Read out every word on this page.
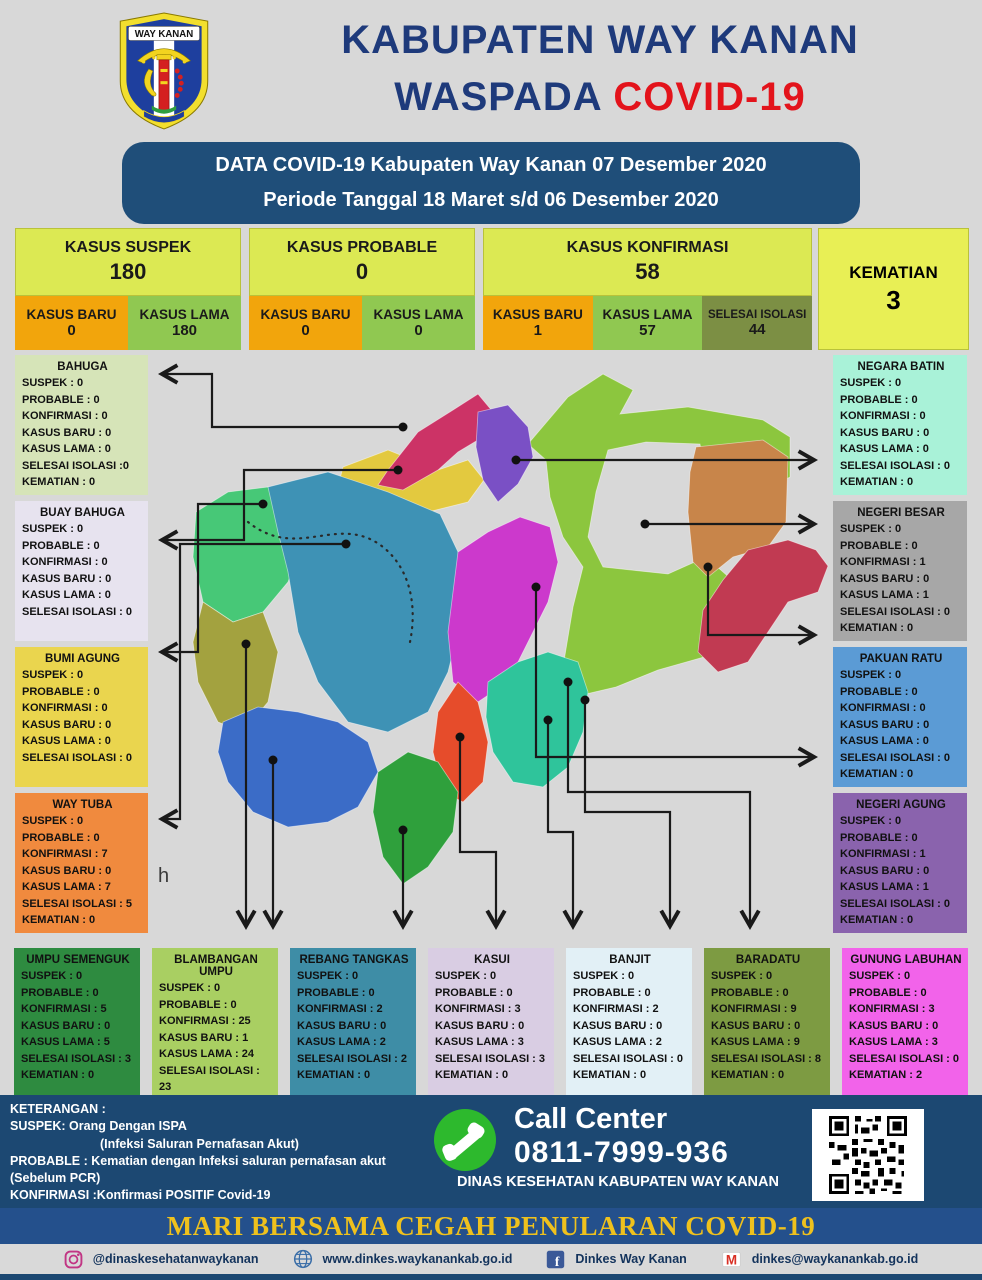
WAY KANAN	KABUPATEN WAY KANAN
WASPADA COVID-19
DATA COVID-19 Kabupaten Way Kanan 07 Desember 2020
Periode Tanggal 18 Maret s/d 06 Desember 2020
KASUS SUSPEK
180
KASUS BARU
0
KASUS LAMA
180
KASUS PROBABLE
0
KASUS BARU
0
KASUS LAMA
0
KASUS KONFIRMASI
58
KASUS BARU
1
KASUS LAMA
57
SELESAI ISOLASI
44
KEMATIAN
3
BAHUGA
SUSPEK : 0
PROBABLE : 0
KONFIRMASI : 0
KASUS BARU : 0
KASUS LAMA : 0
SELESAI ISOLASI :0
KEMATIAN : 0
BUAY BAHUGA
SUSPEK : 0
PROBABLE : 0
KONFIRMASI : 0
KASUS BARU : 0
KASUS LAMA : 0
SELESAI ISOLASI : 0
BUMI AGUNG
SUSPEK : 0
PROBABLE : 0
KONFIRMASI : 0
KASUS BARU : 0
KASUS LAMA : 0
SELESAI ISOLASI : 0
WAY TUBA
SUSPEK : 0
PROBABLE : 0
KONFIRMASI : 7
KASUS BARU : 0
KASUS LAMA : 7
SELESAI ISOLASI : 5
KEMATIAN : 0
NEGARA BATIN
SUSPEK : 0
PROBABLE : 0
KONFIRMASI : 0
KASUS BARU : 0
KASUS LAMA : 0
SELESAI ISOLASI : 0
KEMATIAN : 0
NEGERI BESAR
SUSPEK : 0
PROBABLE : 0
KONFIRMASI : 1
KASUS BARU : 0
KASUS LAMA : 1
SELESAI ISOLASI : 0
KEMATIAN : 0
PAKUAN RATU
SUSPEK : 0
PROBABLE : 0
KONFIRMASI : 0
KASUS BARU : 0
KASUS LAMA : 0
SELESAI ISOLASI : 0
KEMATIAN : 0
NEGERI AGUNG
SUSPEK : 0
PROBABLE : 0
KONFIRMASI : 1
KASUS BARU : 0
KASUS LAMA : 1
SELESAI ISOLASI : 0
KEMATIAN : 0
UMPU SEMENGUK
SUSPEK : 0
PROBABLE : 0
KONFIRMASI : 5
KASUS BARU : 0
KASUS LAMA : 5
SELESAI ISOLASI : 3
KEMATIAN : 0
BLAMBANGAN UMPU
SUSPEK : 0
PROBABLE : 0
KONFIRMASI : 25
KASUS BARU : 1
KASUS LAMA : 24
SELESAI ISOLASI : 23
REBANG TANGKAS
SUSPEK : 0
PROBABLE : 0
KONFIRMASI : 2
KASUS BARU : 0
KASUS LAMA : 2
SELESAI ISOLASI : 2
KEMATIAN : 0
KASUI
SUSPEK : 0
PROBABLE : 0
KONFIRMASI : 3
KASUS BARU : 0
KASUS LAMA : 3
SELESAI ISOLASI : 3
KEMATIAN : 0
BANJIT
SUSPEK : 0
PROBABLE : 0
KONFIRMASI : 2
KASUS BARU : 0
KASUS LAMA : 2
SELESAI ISOLASI : 0
KEMATIAN : 0
BARADATU
SUSPEK : 0
PROBABLE : 0
KONFIRMASI : 9
KASUS BARU : 0
KASUS LAMA : 9
SELESAI ISOLASI : 8
KEMATIAN : 0
GUNUNG LABUHAN
SUSPEK : 0
PROBABLE : 0
KONFIRMASI : 3
KASUS BARU : 0
KASUS LAMA : 3
SELESAI ISOLASI : 0
KEMATIAN : 2
h
KETERANGAN :
SUSPEK: Orang Dengan ISPA
(Infeksi Saluran Pernafasan Akut)
PROBABLE : Kematian dengan Infeksi saluran pernafasan akut
(Sebelum PCR)
KONFIRMASI :Konfirmasi POSITIF Covid-19
Call Center
0811-7999-936
DINAS KESEHATAN KABUPATEN WAY KANAN
MARI BERSAMA CEGAH PENULARAN COVID-19
@dinaskesehatanwaykanan	www.dinkes.waykanankab.go.id	f Dinkes Way Kanan M dinkes@waykanankab.go.id
